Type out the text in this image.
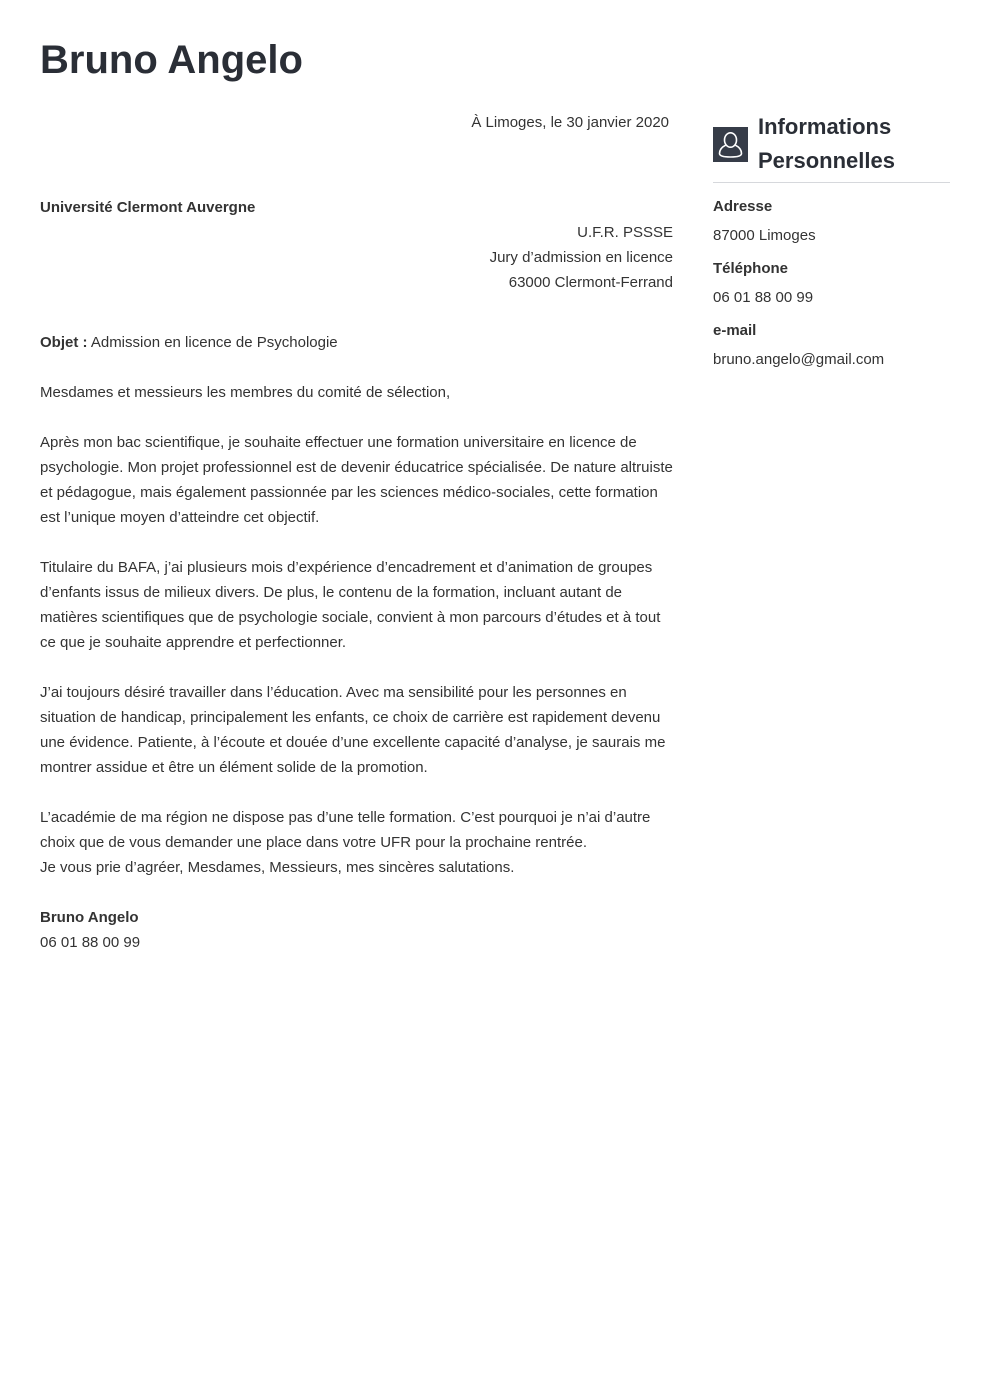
Bruno Angelo

À Limoges, le 30 janvier 2020

Université Clermont Auvergne

U.F.R. PSSSE
Jury d’admission en licence
63000 Clermont-Ferrand

Objet : Admission en licence de Psychologie

Mesdames et messieurs les membres du comité de sélection,

Après mon bac scientifique, je souhaite effectuer une formation universitaire en licence de psychologie. Mon projet professionnel est de devenir éducatrice spécialisée. De nature altruiste et pédagogue, mais également passionnée par les sciences médico-sociales, cette formation est l’unique moyen d’atteindre cet objectif.

Titulaire du BAFA, j’ai plusieurs mois d’expérience d’encadrement et d’animation de groupes d’enfants issus de milieux divers. De plus, le contenu de la formation, incluant autant de matières scientifiques que de psychologie sociale, convient à mon parcours d’études et à tout ce que je souhaite apprendre et perfectionner.

J’ai toujours désiré travailler dans l’éducation. Avec ma sensibilité pour les personnes en situation de handicap, principalement les enfants, ce choix de carrière est rapidement devenu une évidence. Patiente, à l’écoute et douée d’une excellente capacité d’analyse, je saurais me montrer assidue et être un élément solide de la promotion.

L’académie de ma région ne dispose pas d’une telle formation. C’est pourquoi je n’ai d’autre choix que de vous demander une place dans votre UFR pour la prochaine rentrée.

Je vous prie d’agréer, Mesdames, Messieurs, mes sincères salutations.

Bruno Angelo

06 01 88 00 99

Informations
Personnelles
Adresse
87000 Limoges
Téléphone
06 01 88 00 99
e-mail
bruno.angelo@gmail.com
